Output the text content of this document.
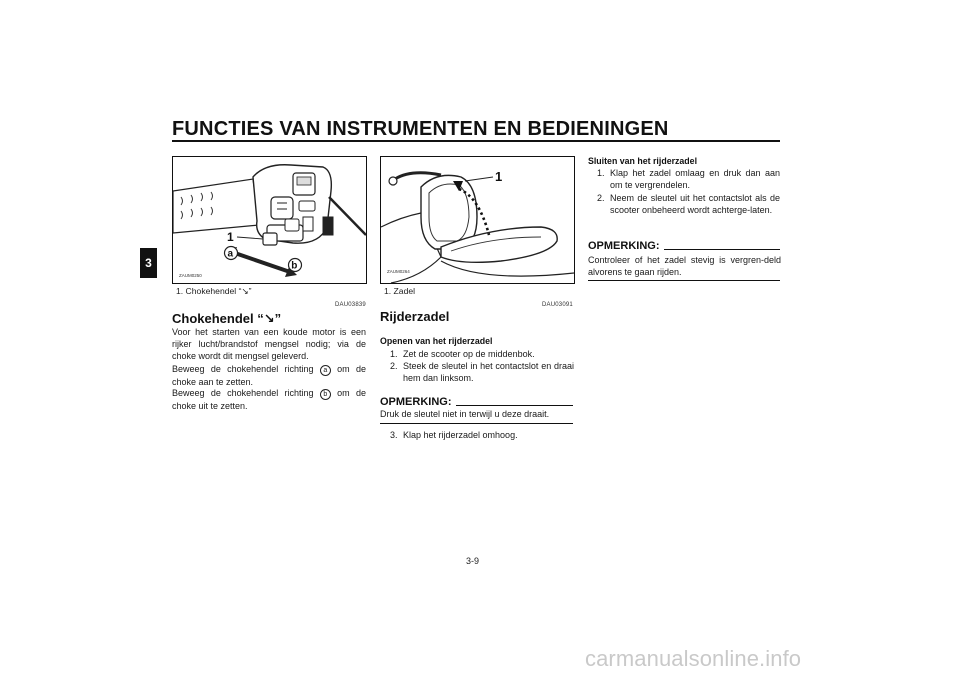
FUNCTIES VAN INSTRUMENTEN EN BEDIENINGEN
3
1
a
b
ZAUM0250
1. Chokehendel “↘”
1
ZAUM0264
1. Zadel
DAU03839
Chokehendel “↘”
Voor het starten van een koude motor is een rijker lucht/brandstof mengsel nodig; via de choke wordt dit mengsel geleverd.
Beweeg de chokehendel richting a om de choke aan te zetten.
Beweeg de chokehendel richting b om de choke uit te zetten.
DAU03091
Rijderzadel
Openen van het rijderzadel
1. Zet de scooter op de middenbok.
2. Steek de sleutel in het contactslot en draai hem dan linksom.
OPMERKING:
Druk de sleutel niet in terwijl u deze draait.
3. Klap het rijderzadel omhoog.
Sluiten van het rijderzadel
1. Klap het zadel omlaag en druk dan aan om te vergrendelen.
2. Neem de sleutel uit het contactslot als de scooter onbeheerd wordt achterge-laten.
OPMERKING:
Controleer of het zadel stevig is vergren-deld alvorens te gaan rijden.
3-9
carmanualsonline.info
